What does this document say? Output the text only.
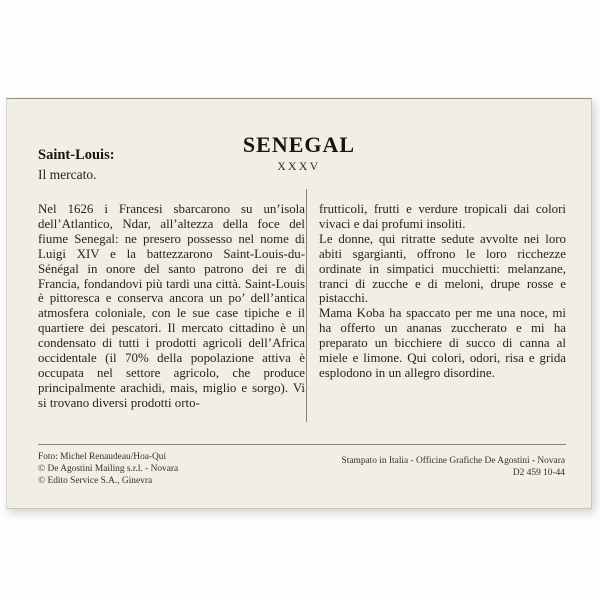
SENEGAL
XXXV
Saint-Louis:
Il mercato.

Nel 1626 i Francesi sbarcarono su un’isola dell’Atlantico, Ndar, all’altezza della foce del fiume Senegal: ne presero possesso nel nome di Luigi XIV e la battezzarono Saint-Louis-du-Sénégal in onore del santo patrono dei re di Francia, fondandovi più tardi una città. Saint-Louis è pittoresca e conserva ancora un po’ dell’antica atmosfera coloniale, con le sue case tipiche e il quartiere dei pescatori. Il mercato cittadino è un condensato di tutti i prodotti agricoli dell’Africa occidentale (il 70% della popolazione attiva è occupata nel settore agricolo, che produce principalmente arachidi, mais, miglio e sorgo). Vi si trovano diversi prodotti orto-

frutticoli, frutti e verdure tropicali dai colori vivaci e dai profumi insoliti.

Le donne, qui ritratte sedute avvolte nei loro abiti sgargianti, offrono le loro ricchezze ordinate in simpatici mucchietti: melanzane, tranci di zucche e di meloni, drupe rosse e pistacchi.

Mama Koba ha spaccato per me una noce, mi ha offerto un ananas zuccherato e mi ha preparato un bicchiere di succo di canna al miele e limone. Qui colori, odori, risa e grida esplodono in un allegro disordine.

Foto: Michel Renaudeau/Hoa-Qui
© De Agostini Mailing s.r.l. - Novara
© Edito Service S.A., Ginevra
Stampato in Italia - Officine Grafiche De Agostini - Novara
D2 459 10-44
